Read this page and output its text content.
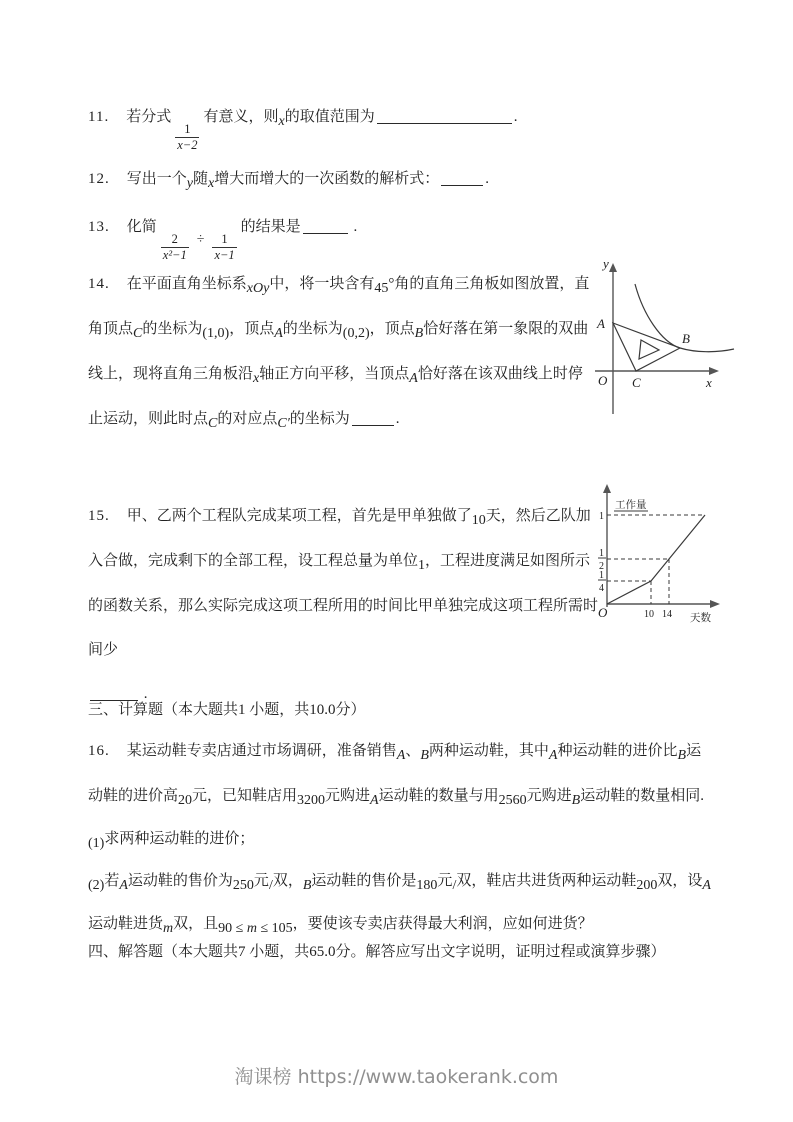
11. 若分式
$\frac{1}{x-2}$
有意义，则x的取值范围为	.
12. 写出一个y随x增大而增大的一次函数的解析式：	.
13. 化简
$\frac{2}{\text{x²−1}} \div \frac{1}{x-1}$
的结果是	.
y
x
O
A
B
C
14. 在平面直角坐标系xOy中，将一块含有45°角的直角三角板如图放置，直角顶点C的坐标为(1,0)，顶点A的坐标为(0,2)，顶点B恰好落在第一象限的双曲线上，现将直角三角板沿x轴正方向平移，当顶点A恰好落在该双曲线上时停止运动，则此时点C的对应点C′的坐标为	.
工作量
1
1
2
1
4
10 14
O	天数
15. 甲、乙两个工程队完成某项工程，首先是甲单独做了10天，然后乙队加入合做，完成剩下的全部工程，设工程总量为单位1，工程进度满足如图所示的函数关系，那么实际完成这项工程所用的时间比甲单独完成这项工程所需时间少
.
三、计算题（本大题共1 小题，共10.0分）
16. 某运动鞋专卖店通过市场调研，准备销售A、B两种运动鞋，其中A种运动鞋的进价比B运动鞋的进价高20元，已知鞋店用3200元购进A运动鞋的数量与用2560元购进B运动鞋的数量相同.
(1)求两种运动鞋的进价；
(2)若A运动鞋的售价为250元/双，B运动鞋的售价是180元/双，鞋店共进货两种运动鞋200双，设A运动鞋进货m双，且90 ≤ m ≤ 105，要使该专卖店获得最大利润，应如何进货？
四、解答题（本大题共7 小题，共65.0分。解答应写出文字说明，证明过程或演算步骤）
淘课榜 https://www.taokerank.com
